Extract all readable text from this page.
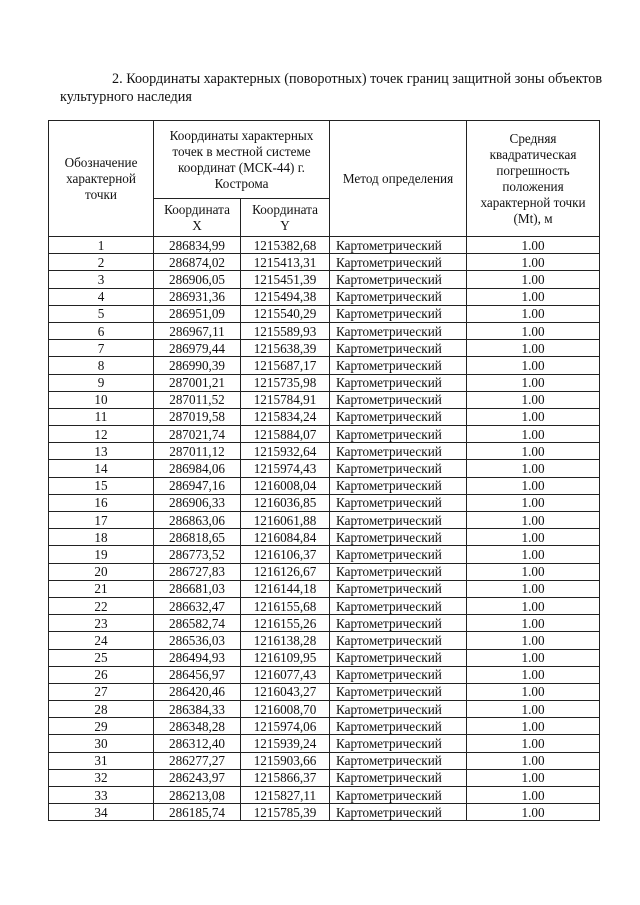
2. Координаты характерных (поворотных) точек границ защитной зоны объектов культурного наследия
Обозначение характерной точки	Координаты характерных точек в местной системе координат (МСК-44) г. Кострома		Метод определения	Средняя квадратическая погрешность положения характерной точки (Mt), м
	Координата X	Координата Y		
1	286834,99	1215382,68	Картометрический	1.00
2	286874,02	1215413,31	Картометрический	1.00
3	286906,05	1215451,39	Картометрический	1.00
4	286931,36	1215494,38	Картометрический	1.00
5	286951,09	1215540,29	Картометрический	1.00
6	286967,11	1215589,93	Картометрический	1.00
7	286979,44	1215638,39	Картометрический	1.00
8	286990,39	1215687,17	Картометрический	1.00
9	287001,21	1215735,98	Картометрический	1.00
10	287011,52	1215784,91	Картометрический	1.00
11	287019,58	1215834,24	Картометрический	1.00
12	287021,74	1215884,07	Картометрический	1.00
13	287011,12	1215932,64	Картометрический	1.00
14	286984,06	1215974,43	Картометрический	1.00
15	286947,16	1216008,04	Картометрический	1.00
16	286906,33	1216036,85	Картометрический	1.00
17	286863,06	1216061,88	Картометрический	1.00
18	286818,65	1216084,84	Картометрический	1.00
19	286773,52	1216106,37	Картометрический	1.00
20	286727,83	1216126,67	Картометрический	1.00
21	286681,03	1216144,18	Картометрический	1.00
22	286632,47	1216155,68	Картометрический	1.00
23	286582,74	1216155,26	Картометрический	1.00
24	286536,03	1216138,28	Картометрический	1.00
25	286494,93	1216109,95	Картометрический	1.00
26	286456,97	1216077,43	Картометрический	1.00
27	286420,46	1216043,27	Картометрический	1.00
28	286384,33	1216008,70	Картометрический	1.00
29	286348,28	1215974,06	Картометрический	1.00
30	286312,40	1215939,24	Картометрический	1.00
31	286277,27	1215903,66	Картометрический	1.00
32	286243,97	1215866,37	Картометрический	1.00
33	286213,08	1215827,11	Картометрический	1.00
34	286185,74	1215785,39	Картометрический	1.00
